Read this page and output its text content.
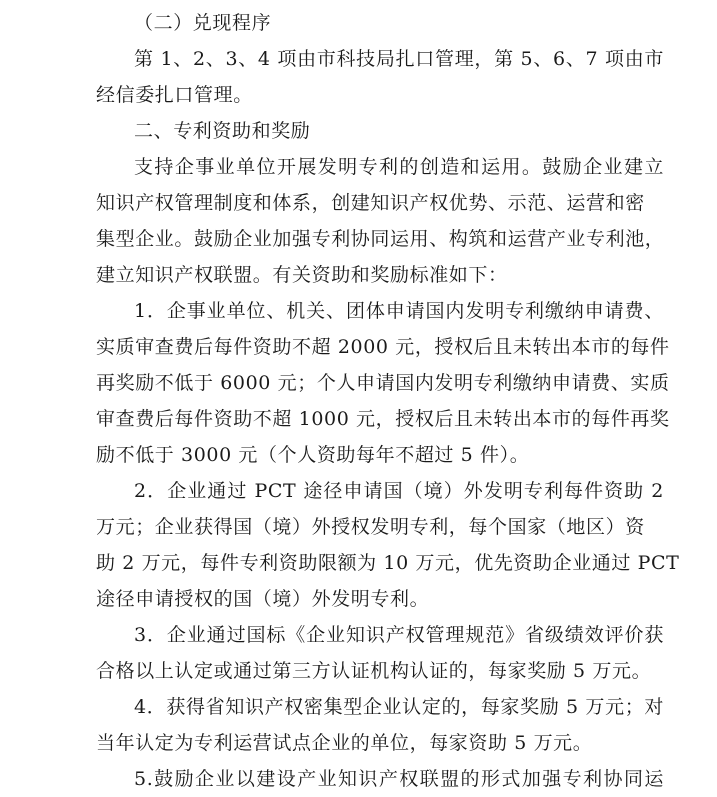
（二）兑现程序
第 1、2、3、4 项由市科技局扎口管理，第 5、6、7 项由市
经信委扎口管理。
二、专利资助和奖励
支持企事业单位开展发明专利的创造和运用。鼓励企业建立
知识产权管理制度和体系，创建知识产权优势、示范、运营和密
集型企业。鼓励企业加强专利协同运用、构筑和运营产业专利池，
建立知识产权联盟。有关资助和奖励标准如下：
1．企事业单位、机关、团体申请国内发明专利缴纳申请费、
实质审查费后每件资助不超 2000 元，授权后且未转出本市的每件
再奖励不低于 6000 元；个人申请国内发明专利缴纳申请费、实质
审查费后每件资助不超 1000 元，授权后且未转出本市的每件再奖
励不低于 3000 元（个人资助每年不超过 5 件）。
2．企业通过 PCT 途径申请国（境）外发明专利每件资助 2
万元；企业获得国（境）外授权发明专利，每个国家（地区）资
助 2 万元，每件专利资助限额为 10 万元，优先资助企业通过 PCT
途径申请授权的国（境）外发明专利。
3．企业通过国标《企业知识产权管理规范》省级绩效评价获
合格以上认定或通过第三方认证机构认证的，每家奖励 5 万元。
4．获得省知识产权密集型企业认定的，每家奖励 5 万元；对
当年认定为专利运营试点企业的单位，每家资助 5 万元。
5.鼓励企业以建设产业知识产权联盟的形式加强专利协同运
